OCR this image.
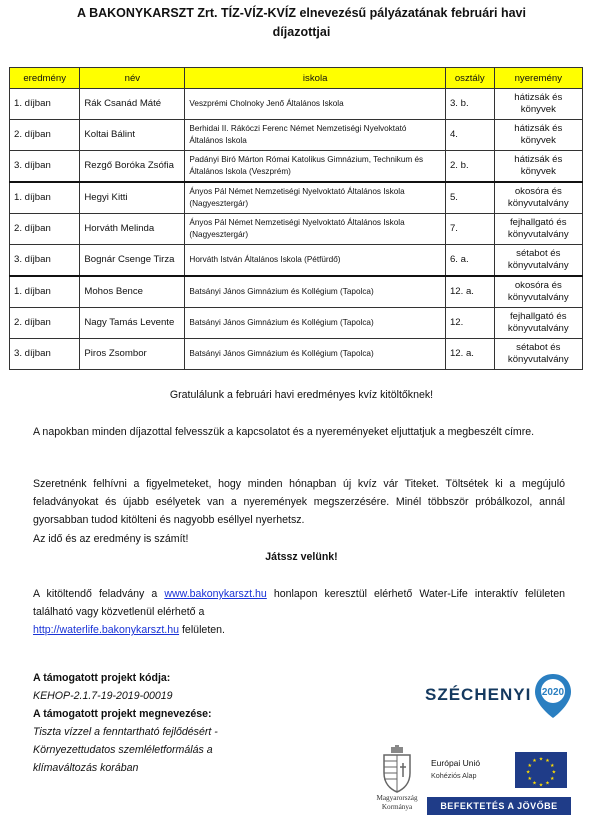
A BAKONYKARSZT Zrt. TÍZ-VÍZ-KVÍZ elnevezésű pályázatának februári havi
díjazottjai
eredmény	név	iskola	osztály	nyeremény
1. díjban	Rák Csanád Máté	Veszprémi Cholnoky Jenő Általános Iskola	3. b.	hátizsák és könyvek
2. díjban	Koltai Bálint	Berhidai II. Rákóczi Ferenc Német Nemzetiségi Nyelvoktató Általános Iskola	4.	hátizsák és könyvek
3. díjban	Rezgő Boróka Zsófia	Padányi Biró Márton Római Katolikus Gimnázium, Technikum és Általános Iskola (Veszprém)	2. b.	hátizsák és könyvek
1. díjban	Hegyi Kitti	Ányos Pál Német Nemzetiségi Nyelvoktató Általános Iskola (Nagyesztergár)	5.	okosóra és könyvutalvány
2. díjban	Horváth Melinda	Ányos Pál Német Nemzetiségi Nyelvoktató Általános Iskola (Nagyesztergár)	7.	fejhallgató és könyvutalvány
3. díjban	Bognár Csenge Tirza	Horváth István Általános Iskola (Pétfürdő)	6. a.	sétabot és könyvutalvány
1. díjban	Mohos Bence	Batsányi János Gimnázium és Kollégium (Tapolca)	12. a.	okosóra és könyvutalvány
2. díjban	Nagy Tamás Levente	Batsányi János Gimnázium és Kollégium (Tapolca)	12.	fejhallgató és könyvutalvány
3. díjban	Piros Zsombor	Batsányi János Gimnázium és Kollégium (Tapolca)	12. a.	sétabot és könyvutalvány
Gratulálunk a februári havi eredményes kvíz kitöltőknek!
A napokban minden díjazottal felvesszük a kapcsolatot és a nyereményeket eljuttatjuk a megbeszélt címre.
Szeretnénk felhívni a figyelmeteket, hogy minden hónapban új kvíz vár Titeket. Töltsétek ki a megújuló feladványokat és újabb esélyetek van a nyeremények megszerzésére. Minél többször próbálkozol, annál gyorsabban tudod kitölteni és nagyobb eséllyel nyerhetsz.
Az idő és az eredmény is számít!
Játssz velünk!
A kitöltendő feladvány a www.bakonykarszt.hu honlapon keresztül elérhető Water-Life interaktív felületen található vagy közvetlenül elérhető a
http://waterlife.bakonykarszt.hu felületen.
A támogatott projekt kódja:
KEHOP-2.1.7-19-2019-00019
A támogatott projekt megnevezése:
Tiszta vízzel a fenntartható fejlődésért -
Környezettudatos szemléletformálás a
klímaváltozás korában
SZÉCHENYI 2020
Magyarország
Kormánya
Európai Unió
Kohéziós Alap
★ ★
★
★
★
★
★
★
★
★
★
★
BEFEKTETÉS A JÖVŐBE
